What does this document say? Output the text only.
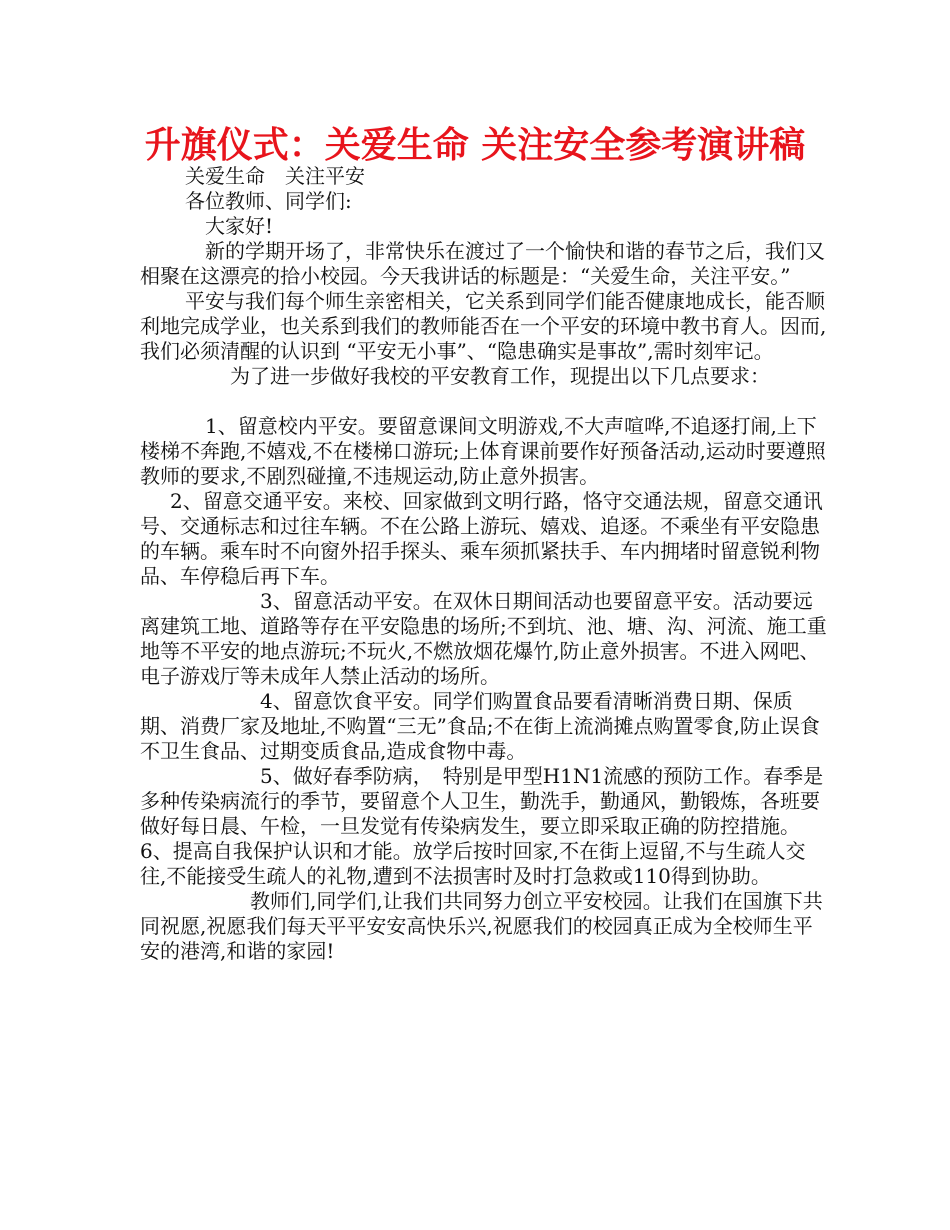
升旗仪式：关爱生命 关注安全参考演讲稿

关爱生命　关注平安

各位教师、同学们:

大家好!

新的学期开场了，非常快乐在渡过了一个愉快和谐的春节之后，我们又相聚在这漂亮的拾小校园。今天我讲话的标题是：“关爱生命，关注平安。”

平安与我们每个师生亲密相关，它关系到同学们能否健康地成长，能否顺利地完成学业，也关系到我们的教师能否在一个平安的环境中教书育人。因而,我们必须清醒的认识到 “平安无小事”、“隐患确实是事故”,需时刻牢记。

为了进一步做好我校的平安教育工作，现提出以下几点要求：

1、留意校内平安。要留意课间文明游戏,不大声喧哗,不追逐打闹,上下楼梯不奔跑,不嬉戏,不在楼梯口游玩;上体育课前要作好预备活动,运动时要遵照教师的要求,不剧烈碰撞,不违规运动,防止意外损害。

2、留意交通平安。来校、回家做到文明行路，恪守交通法规，留意交通讯号、交通标志和过往车辆。不在公路上游玩、嬉戏、追逐。不乘坐有平安隐患的车辆。乘车时不向窗外招手探头、乘车须抓紧扶手、车内拥堵时留意锐利物品、车停稳后再下车。

3、留意活动平安。在双休日期间活动也要留意平安。活动要远离建筑工地、道路等存在平安隐患的场所;不到坑、池、塘、沟、河流、施工重地等不平安的地点游玩;不玩火,不燃放烟花爆竹,防止意外损害。不进入网吧、电子游戏厅等未成年人禁止活动的场所。

4、留意饮食平安。同学们购置食品要看清晰消费日期、保质期、消费厂家及地址,不购置“三无”食品;不在街上流淌摊点购置零食,防止误食不卫生食品、过期变质食品,造成食物中毒。

5、做好春季防病，　特别是甲型H1N1流感的预防工作。春季是多种传染病流行的季节，要留意个人卫生，勤洗手，勤通风，勤锻炼，各班要做好每日晨、午检，一旦发觉有传染病发生，要立即采取正确的防控措施。　　6、提高自我保护认识和才能。放学后按时回家,不在街上逗留,不与生疏人交往,不能接受生疏人的礼物,遭到不法损害时及时打急救或110得到协助。

教师们,同学们,让我们共同努力创立平安校园。让我们在国旗下共同祝愿,祝愿我们每天平平安安高快乐兴,祝愿我们的校园真正成为全校师生平安的港湾,和谐的家园!
